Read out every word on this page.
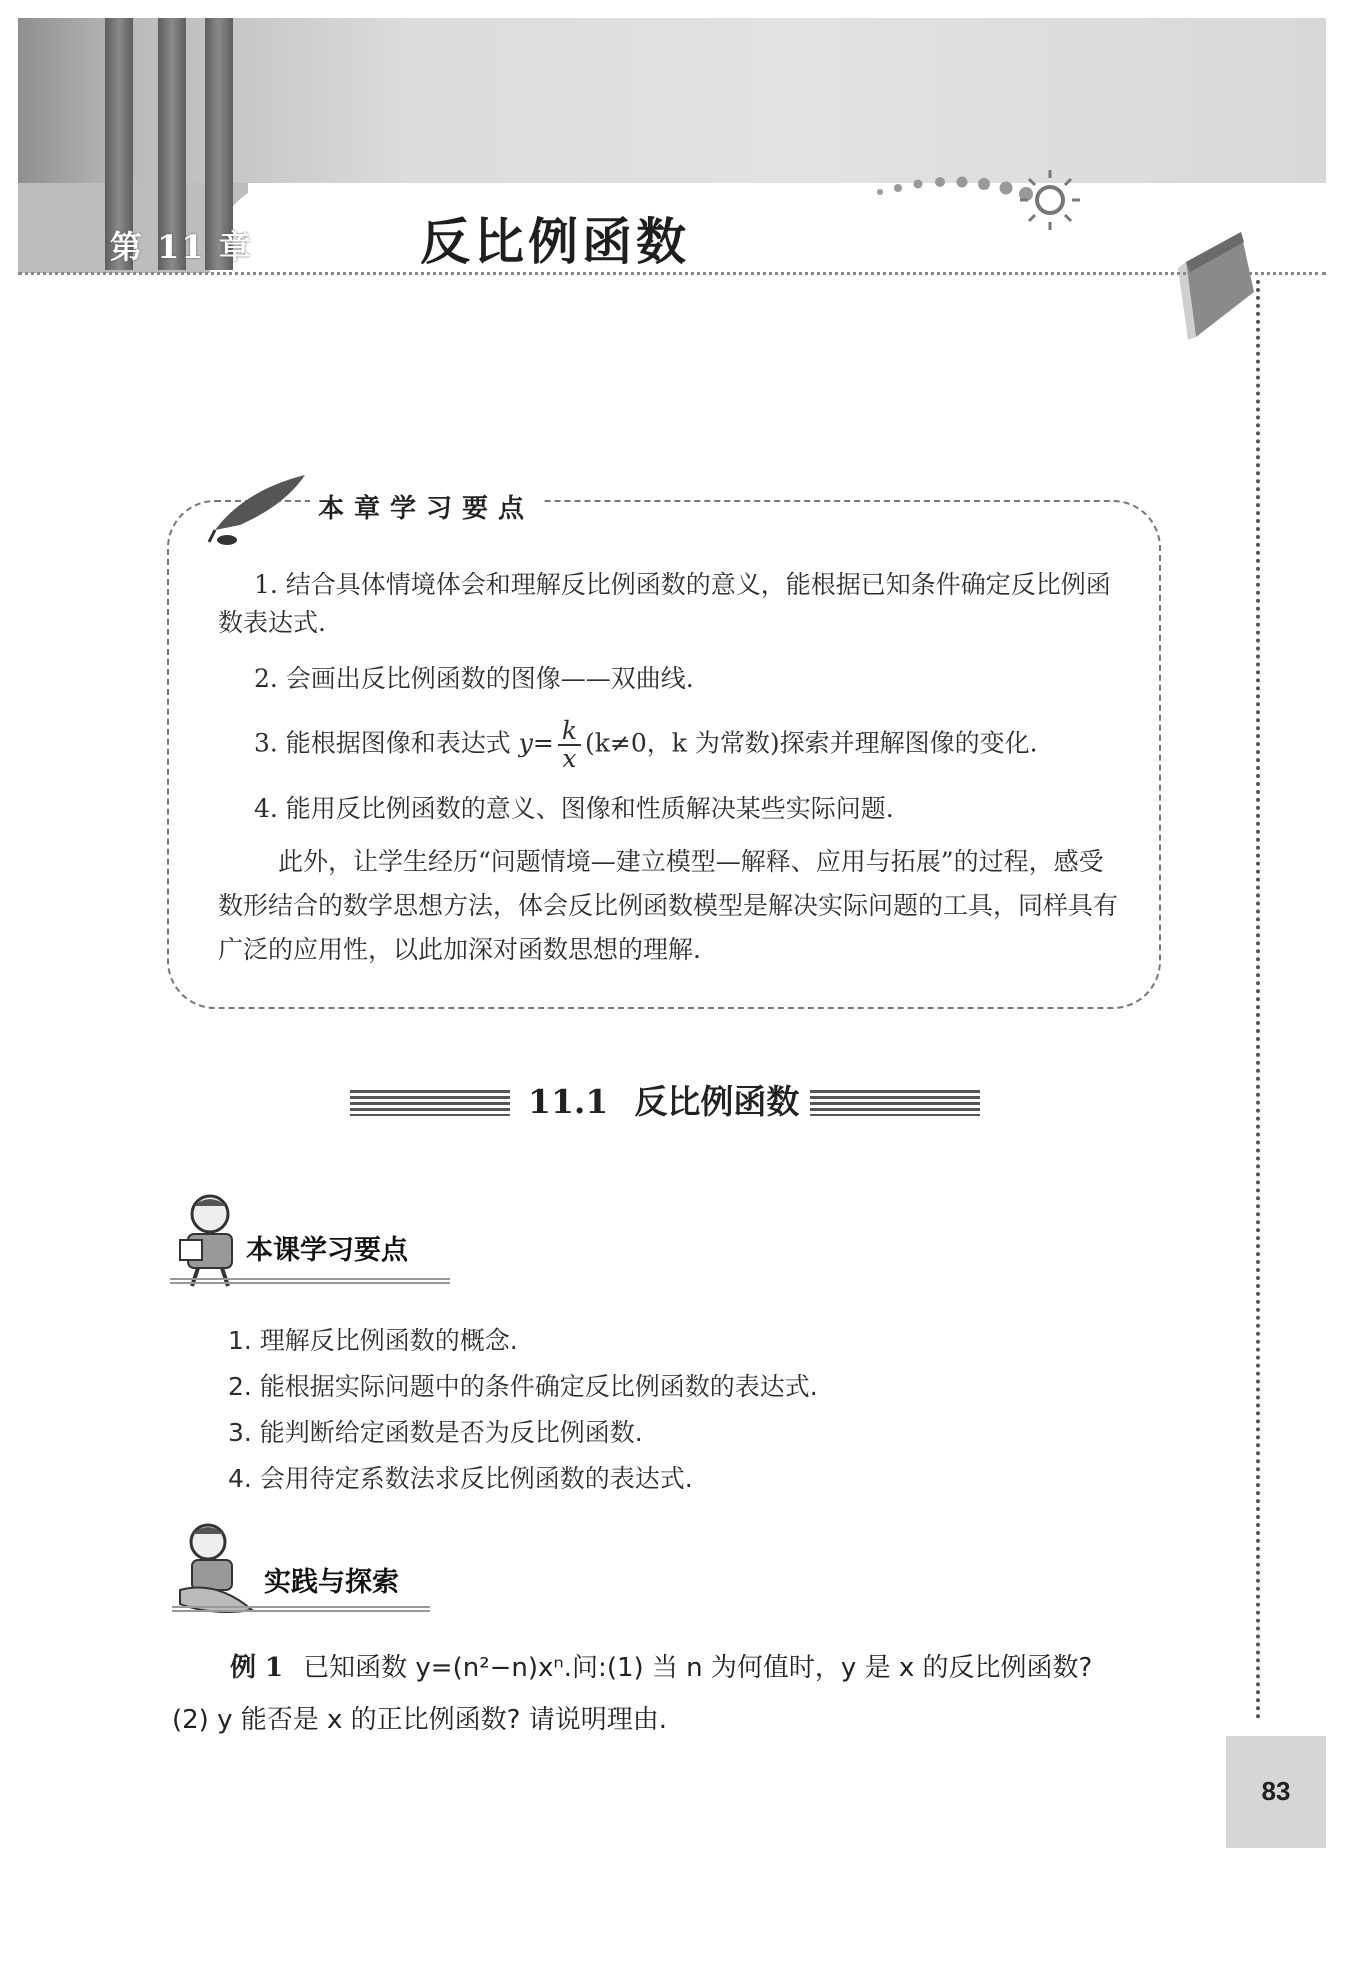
第 11 章	反比例函数
本章学习要点
1. 结合具体情境体会和理解反比例函数的意义，能根据已知条件确定反比例函数表达式.
2. 会画出反比例函数的图像——双曲线.
3. 能根据图像和表达式 $y= \frac{k}{x} (k\ne 0$，k 为常数)探索并理解图像的变化.
4. 能用反比例函数的意义、图像和性质解决某些实际问题.
此外，让学生经历“问题情境—建立模型—解释、应用与拓展”的过程，感受数形结合的数学思想方法，体会反比例函数模型是解决实际问题的工具，同样具有广泛的应用性，以此加深对函数思想的理解.
11.1 反比例函数
本课学习要点
1. 理解反比例函数的概念.
2. 能根据实际问题中的条件确定反比例函数的表达式.
3. 能判断给定函数是否为反比例函数.
4. 会用待定系数法求反比例函数的表达式.
实践与探索
例 1 已知函数 y=(n²−n)xⁿ.问:(1) 当 n 为何值时，y 是 x 的反比例函数?
(2) y 能否是 x 的正比例函数? 请说明理由.
83
